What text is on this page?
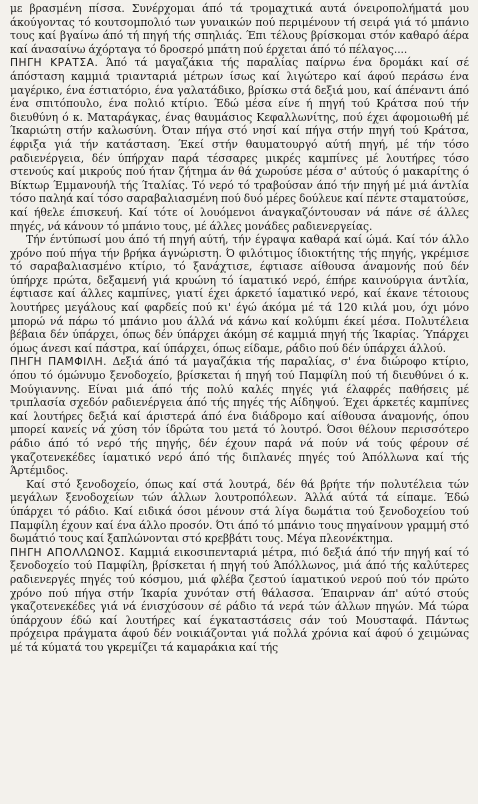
με βρασμένη πίσσα. Συνέρχομαι άπό τά τρομαχτικά αυτά όνειροπολήματά μου άκούγοντας τό κουτσομπολιό των γυναικών πού περιμένουν τή σειρά γιά τό μπάνιο τους καί βγαίνω άπό τή πηγή τής σπηλιάς. Έπι τέλους βρίσκομαι στόν καθαρό άέρα καί άνασαίνω άχόρταγα τό δροσερό μπάτη πού έρχεται άπό τό πέλαγος....

ΠΗΓΗ ΚΡΑΤΣΑ. Άπό τά μαγαζάκια τής παραλίας παίρνω ένα δρομάκι καί σέ άπόσταση καμμιά τριανταριά μέτρων ίσως καί λιγώτερο καί άφού περάσω ένα μαγέρικο, ένα έστιατόριο, ένα γαλατάδικο, βρίσκω στά δεξιά μου, καί άπέναντι άπό ένα σπιτόπουλο, ένα πολιό κτίριο. Έδώ μέσα είνε ή πηγή τού Κράτσα πού τήν διευθύνη ό κ. Ματαράγκας, ένας θαυμάσιος Κεφαλλωνίτης, πού έχει άφομοιωθή μέ Ίκαριώτη στήν καλωσύνη. Όταν πήγα στό νησί καί πήγα στήν πηγή τού Κράτσα, έφριξα γιά τήν κατάσταση. Έκεί στήν θαυματουργό αύτή πηγή, μέ τήν τόσο ραδιενέργεια, δέν ύπήρχαν παρά τέσσαρες μικρές καμπίνες μέ λουτήρες τόσο στενούς καί μικρούς πού ήταν ζήτημα άν θά χωρούσε μέσα σ' αύτούς ό μακαρίτης ό Βίκτωρ Έμμανουήλ τής Ίταλίας. Τό νερό τό τραβούσαν άπό τήν πηγή μέ μιά άντλία τόσο παληά καί τόσο σαραβαλιασμένη πού δυό μέρες δούλευε καί πέντε σταματούσε, καί ήθελε έπισκευή. Καί τότε οί λουόμενοι άναγκαζόντουσαν νά πάνε σέ άλλες πηγές, νά κάνουν τό μπάνιο τους, μέ άλλες μονάδες ραδιενεργείας.

Τήν έντύπωσί μου άπό τή πηγή αύτή, τήν έγραψα καθαρά καί ώμά. Καί τόν άλλο χρόνο πού πήγα τήν βρήκα άγνώριστη. Ό φιλότιμος ίδιοκτήτης τής πηγής, γκρέμισε τό σαραβαλιασμένο κτίριο, τό ξανάχτισε, έφτιασε αίθουσα άναμονής πού δέν ύπήρχε πρώτα, δεξαμενή γιά κρυώνη τό ίαματικό νερό, έπήρε καινούργια άντλία, έφτιασε καί άλλες καμπίνες, γιατί έχει άρκετό ίαματικό νερό, καί έκανε τέτοιους λουτήρες μεγάλους καί φαρδείς πού κι' έγώ άκόμα μέ τά 120 κιλά μου, όχι μόνο μπορώ νά πάρω τό μπάνιο μου άλλά νά κάνω καί κολύμπι έκεί μέσα. Πολυτέλεια βέβαια δέν ύπάρχει, όπως δέν ύπάρχει άκόμη σέ καμμιά πηγή τής Ίκαρίας. Ύπάρχει όμως άνεσι καί πάστρα, καί ύπάρχει, όπως είδαμε, ράδιο πού δέν ύπάρχει άλλού.

ΠΗΓΗ ΠΑΜΦΙΛΗ. Δεξιά άπό τά μαγαζάκια τής παραλίας, σ' ένα διώροφο κτίριο, όπου τό όμώνυμο ξενοδοχείο, βρίσκεται ή πηγή τού Παμφίλη πού τή διευθύνει ό κ. Μούγιαννης. Είναι μιά άπό τής πολύ καλές πηγές γιά έλαφρές παθήσεις μέ τριπλασία σχεδόν ραδιενέργεια άπό τής πηγές τής Αίδηψού. Έχει άρκετές καμπίνες καί λουτήρες δεξιά καί άριστερά άπό ένα διάδρομο καί αίθουσα άναμονής, όπου μπορεί κανείς νά χύση τόν ίδρώτα του μετά τό λουτρό. Όσοι θέλουν περισσότερο ράδιο άπό τό νερό τής πηγής, δέν έχουν παρά νά πούν νά τούς φέρουν σέ γκαζοτενεκέδες ίαματικό νερό άπό τής διπλανές πηγές τού Άπόλλωνα καί τής Άρτέμιδος.

Καί στό ξενοδοχείο, όπως καί στά λουτρά, δέν θά βρήτε τήν πολυτέλεια τών μεγάλων ξενοδοχείων τών άλλων λουτροπόλεων. Άλλά αύτά τά είπαμε. Έδώ ύπάρχει τό ράδιο. Καί ειδικά όσοι μένουν στά λίγα δωμάτια τού ξενοδοχείου τού Παμφίλη έχουν καί ένα άλλο προσόν. Ότι άπό τό μπάνιο τους πηγαίνουν γραμμή στό δωμάτιό τους καί ξαπλώνονται στό κρεββάτι τους. Μέγα πλεονέκτημα.

ΠΗΓΗ ΑΠΟΛΛΩΝΟΣ. Καμμιά εικοσιπενταριά μέτρα, πιό δεξιά άπό τήν πηγή καί τό ξενοδοχείο τού Παμφίλη, βρίσκεται ή πηγή τού Άπόλλωνος, μιά άπό τής καλύτερες ραδιενεργές πηγές τού κόσμου, μιά φλέβα ζεστού ίαματικού νερού πού τόν πρώτο χρόνο πού πήγα στήν Ίκαρία χυνόταν στή θάλασσα. Έπαιρναν άπ' αύτό στούς γκαζοτενεκέδες γιά νά ένισχύσουν σέ ράδιο τά νερά τών άλλων πηγών. Μά τώρα ύπάρχουν έδώ καί λουτήρες καί έγκαταστάσεις σάν τού Μουσταφά. Πάντως πρόχειρα πράγματα άφού δέν νοικιάζονται γιά πολλά χρόνια καί άφού ό χειμώνας μέ τά κύματά του γκρεμίζει τά καμαράκια καί τής
